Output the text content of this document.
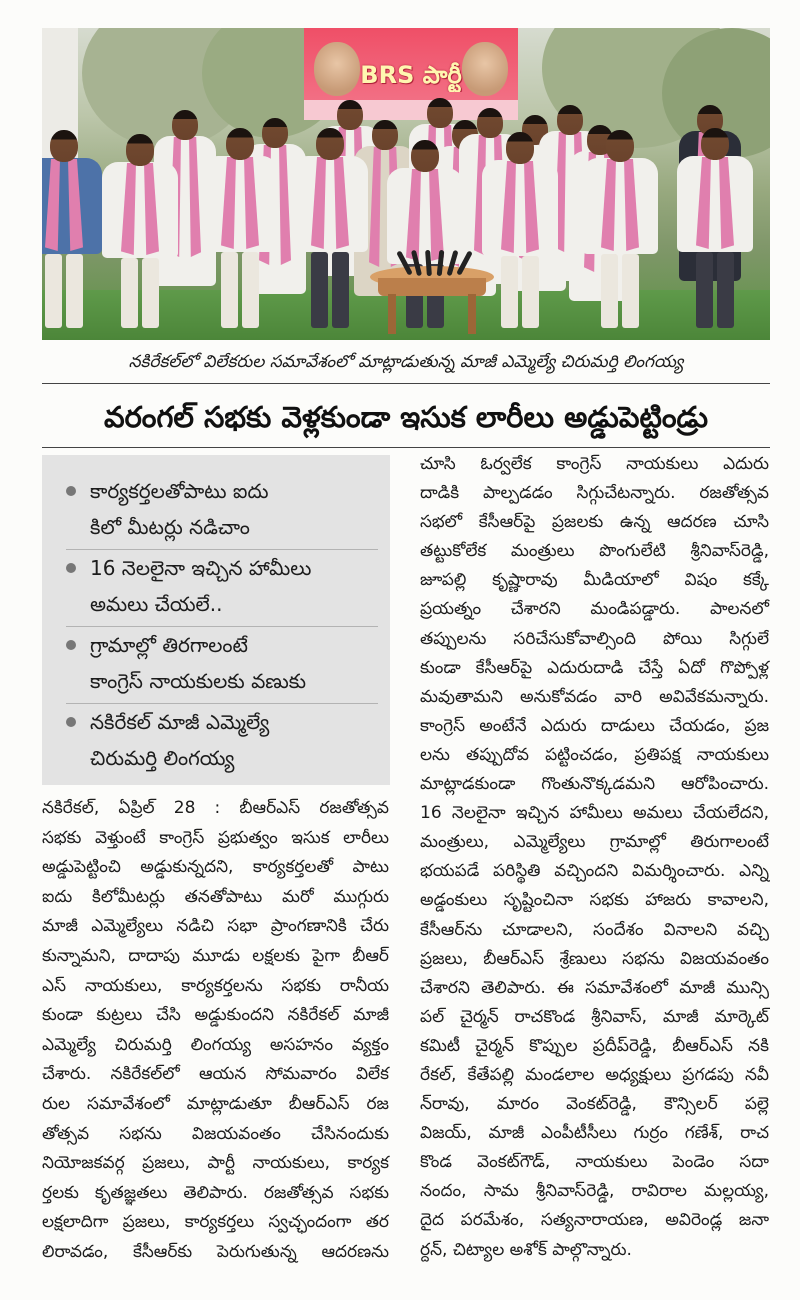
BRS పార్టీ
నకిరేకల్‌లో విలేకరుల సమావేశంలో మాట్లాడుతున్న మాజీ ఎమ్మెల్యే చిరుమర్తి లింగయ్య
వరంగల్ సభకు వెళ్లకుండా ఇసుక లారీలు అడ్డుపెట్టిండ్రు
కార్యకర్తలతోపాటు ఐదు
కిలో మీటర్లు నడిచాం
16 నెలలైనా ఇచ్చిన హామీలు
అమలు చేయలే..
గ్రామాల్లో తిరగాలంటే
కాంగ్రెస్ నాయకులకు వణుకు
నకిరేకల్ మాజీ ఎమ్మెల్యే
చిరుమర్తి లింగయ్య
నకిరేకల్, ఏప్రిల్ 28 : బీఆర్ఎస్ రజతోత్సవ
సభకు వెళ్తుంటే కాంగ్రెస్ ప్రభుత్వం ఇసుక లారీలు
అడ్డుపెట్టించి అడ్డుకున్నదని, కార్యకర్తలతో పాటు
ఐదు కిలోమీటర్లు తనతోపాటు మరో ముగ్గురు
మాజీ ఎమ్మెల్యేలు నడిచి సభా ప్రాంగణానికి చేరు
కున్నామని, దాదాపు మూడు లక్షలకు పైగా బీఆర్
ఎస్ నాయకులు, కార్యకర్తలను సభకు రానీయ
కుండా కుట్రలు చేసి అడ్డుకుందని నకిరేకల్ మాజీ
ఎమ్మెల్యే చిరుమర్తి లింగయ్య అసహనం వ్యక్తం
చేశారు. నకిరేకల్‌లో ఆయన సోమవారం విలేక
రుల సమావేశంలో మాట్లాడుతూ బీఆర్ఎస్ రజ
తోత్సవ సభను విజయవంతం చేసినందుకు
నియోజకవర్గ ప్రజలు, పార్టీ నాయకులు, కార్యక
ర్తలకు కృతజ్ఞతలు తెలిపారు. రజతోత్సవ సభకు
లక్షలాదిగా ప్రజలు, కార్యకర్తలు స్వచ్ఛందంగా తర
లిరావడం, కేసీఆర్‌కు పెరుగుతున్న ఆదరణను
చూసి ఓర్వలేక కాంగ్రెస్ నాయకులు ఎదురు
దాడికి పాల్పడడం సిగ్గుచేటన్నారు. రజతోత్సవ
సభలో కేసీఆర్‌పై ప్రజలకు ఉన్న ఆదరణ చూసి
తట్టుకోలేక మంత్రులు పొంగులేటి శ్రీనివాస్‌రెడ్డి,
జూపల్లి కృష్ణారావు మీడియాలో విషం కక్కే
ప్రయత్నం చేశారని మండిపడ్డారు. పాలనలో
తప్పులను సరిచేసుకోవాల్సింది పోయి సిగ్గులే
కుండా కేసీఆర్‌పై ఎదురుదాడి చేస్తే ఏదో గొప్పోళ్ల
మవుతామని అనుకోవడం వారి అవివేకమన్నారు.
కాంగ్రెస్ అంటేనే ఎదురు దాడులు చేయడం, ప్రజ
లను తప్పుదోవ పట్టించడం, ప్రతిపక్ష నాయకులు
మాట్లాడకుండా గొంతునొక్కడమని ఆరోపించారు.
16 నెలలైనా ఇచ్చిన హామీలు అమలు చేయలేదని,
మంత్రులు, ఎమ్మెల్యేలు గ్రామాల్లో తిరుగాలంటే
భయపడే పరిస్థితి వచ్చిందని విమర్శించారు. ఎన్ని
అడ్డంకులు సృష్టించినా సభకు హాజరు కావాలని,
కేసీఆర్‌ను చూడాలని, సందేశం వినాలని వచ్చి
ప్రజలు, బీఆర్ఎస్ శ్రేణులు సభను విజయవంతం
చేశారని తెలిపారు. ఈ సమావేశంలో మాజీ మున్సి
పల్ చైర్మన్ రాచకొండ శ్రీనివాస్, మాజీ మార్కెట్
కమిటీ చైర్మన్ కొప్పుల ప్రదీప్‌రెడ్డి, బీఆర్ఎస్ నకి
రేకల్, కేతేపల్లి మండలాల అధ్యక్షులు ప్రగడపు నవీ
న్‌రావు, మారం వెంకట్‌రెడ్డి, కౌన్సిలర్ పల్లె
విజయ్, మాజీ ఎంపీటీసీలు గుర్రం గణేశ్, రాచ
కొండ వెంకట్‌గౌడ్, నాయకులు పెండెం సదా
నందం, సామ శ్రీనివాస్‌రెడ్డి, రావిరాల మల్లయ్య,
దైద పరమేశం, సత్యనారాయణ, అవిరెండ్ల జనా
ర్దన్, చిట్యాల అశోక్ పాల్గొన్నారు.
